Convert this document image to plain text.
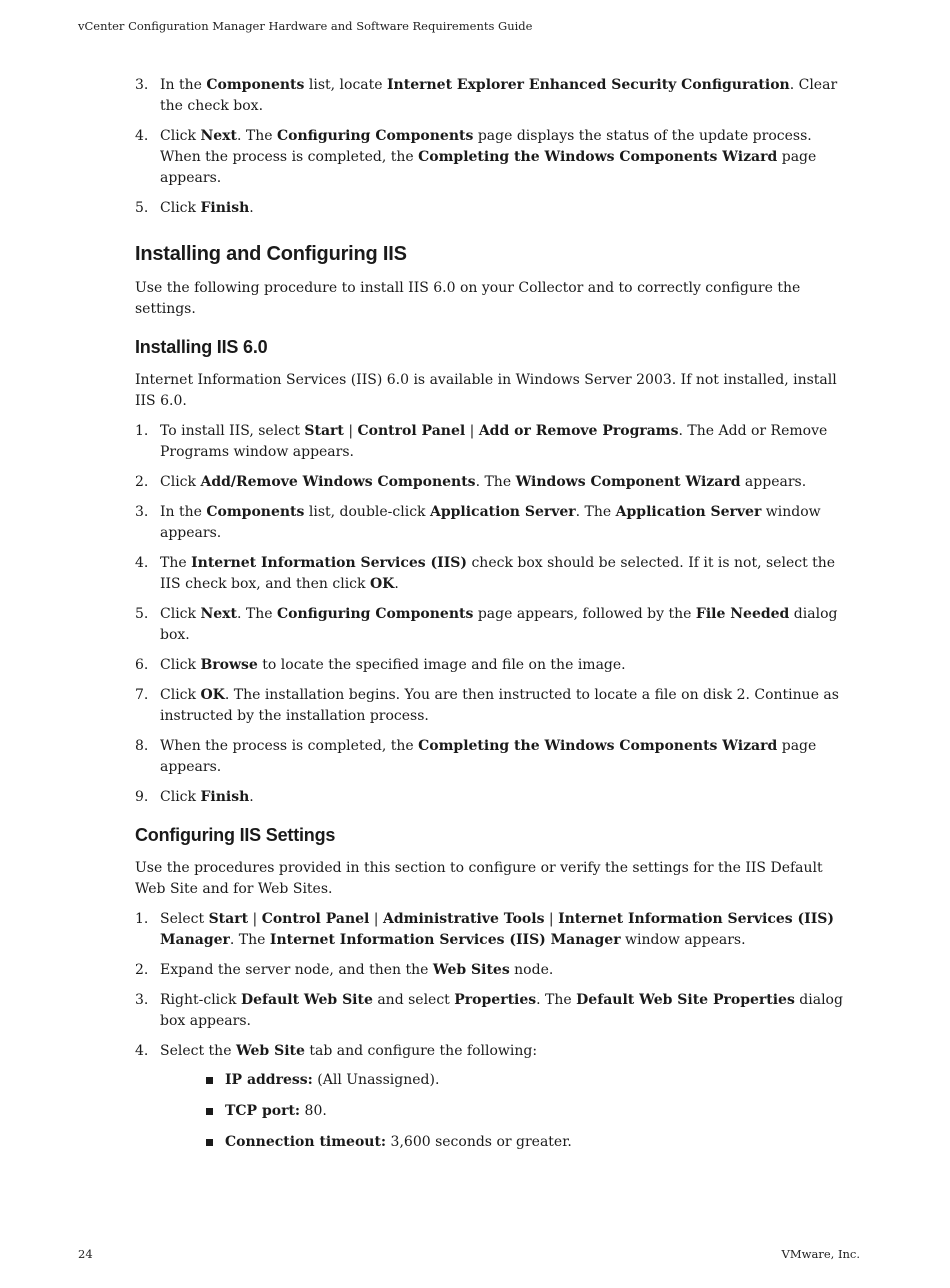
vCenter Configuration Manager Hardware and Software Requirements Guide
3. In the Components list, locate Internet Explorer Enhanced Security Configuration. Clear the check box.
4. Click Next. The Configuring Components page displays the status of the update process. When the process is completed, the Completing the Windows Components Wizard page appears.
5. Click Finish.
Installing and Configuring IIS

Use the following procedure to install IIS 6.0 on your Collector and to correctly configure the settings.

Installing IIS 6.0

Internet Information Services (IIS) 6.0 is available in Windows Server 2003. If not installed, install IIS 6.0.

1. To install IIS, select Start | Control Panel | Add or Remove Programs. The Add or Remove Programs window appears.
2. Click Add/Remove Windows Components. The Windows Component Wizard appears.
3. In the Components list, double-click Application Server. The Application Server window appears.
4. The Internet Information Services (IIS) check box should be selected. If it is not, select the IIS check box, and then click OK.
5. Click Next. The Configuring Components page appears, followed by the File Needed dialog box.
6. Click Browse to locate the specified image and file on the image.
7. Click OK. The installation begins. You are then instructed to locate a file on disk 2. Continue as instructed by the installation process.
8. When the process is completed, the Completing the Windows Components Wizard page appears.
9. Click Finish.
Configuring IIS Settings

Use the procedures provided in this section to configure or verify the settings for the IIS Default Web Site and for Web Sites.

1. Select Start | Control Panel | Administrative Tools | Internet Information Services (IIS) Manager. The Internet Information Services (IIS) Manager window appears.
2. Expand the server node, and then the Web Sites node.
3. Right-click Default Web Site and select Properties. The Default Web Site Properties dialog box appears.
4. Select the Web Site tab and configure the following:
IP address: (All Unassigned).
TCP port: 80.
Connection timeout: 3,600 seconds or greater.
24	VMware, Inc.
